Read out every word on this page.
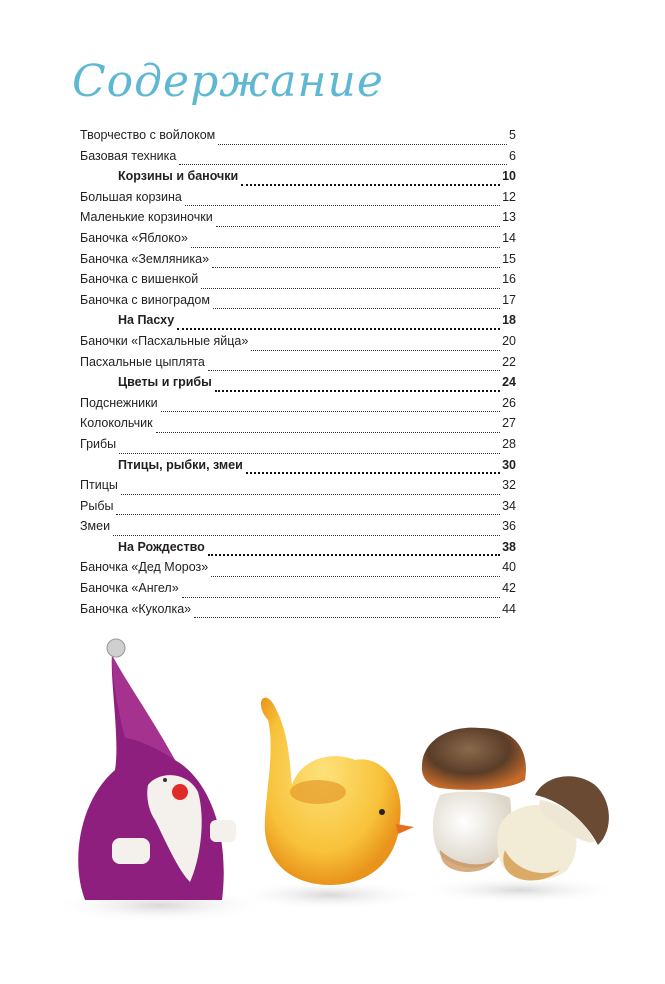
Содержание
Творчество с войлоком	5
Базовая техника	6
Корзины и баночки	10
Большая корзина	12
Маленькие корзиночки	13
Баночка «Яблоко»	14
Баночка «Земляника»	15
Баночка с вишенкой	16
Баночка с виноградом	17
На Пасху	18
Баночки «Пасхальные яйца»	20
Пасхальные цыплята	22
Цветы и грибы	24
Подснежники	26
Колокольчик	27
Грибы	28
Птицы, рыбки, змеи	30
Птицы	32
Рыбы	34
Змеи	36
На Рождество	38
Баночка «Дед Мороз»	40
Баночка «Ангел»	42
Баночка «Куколка»	44
